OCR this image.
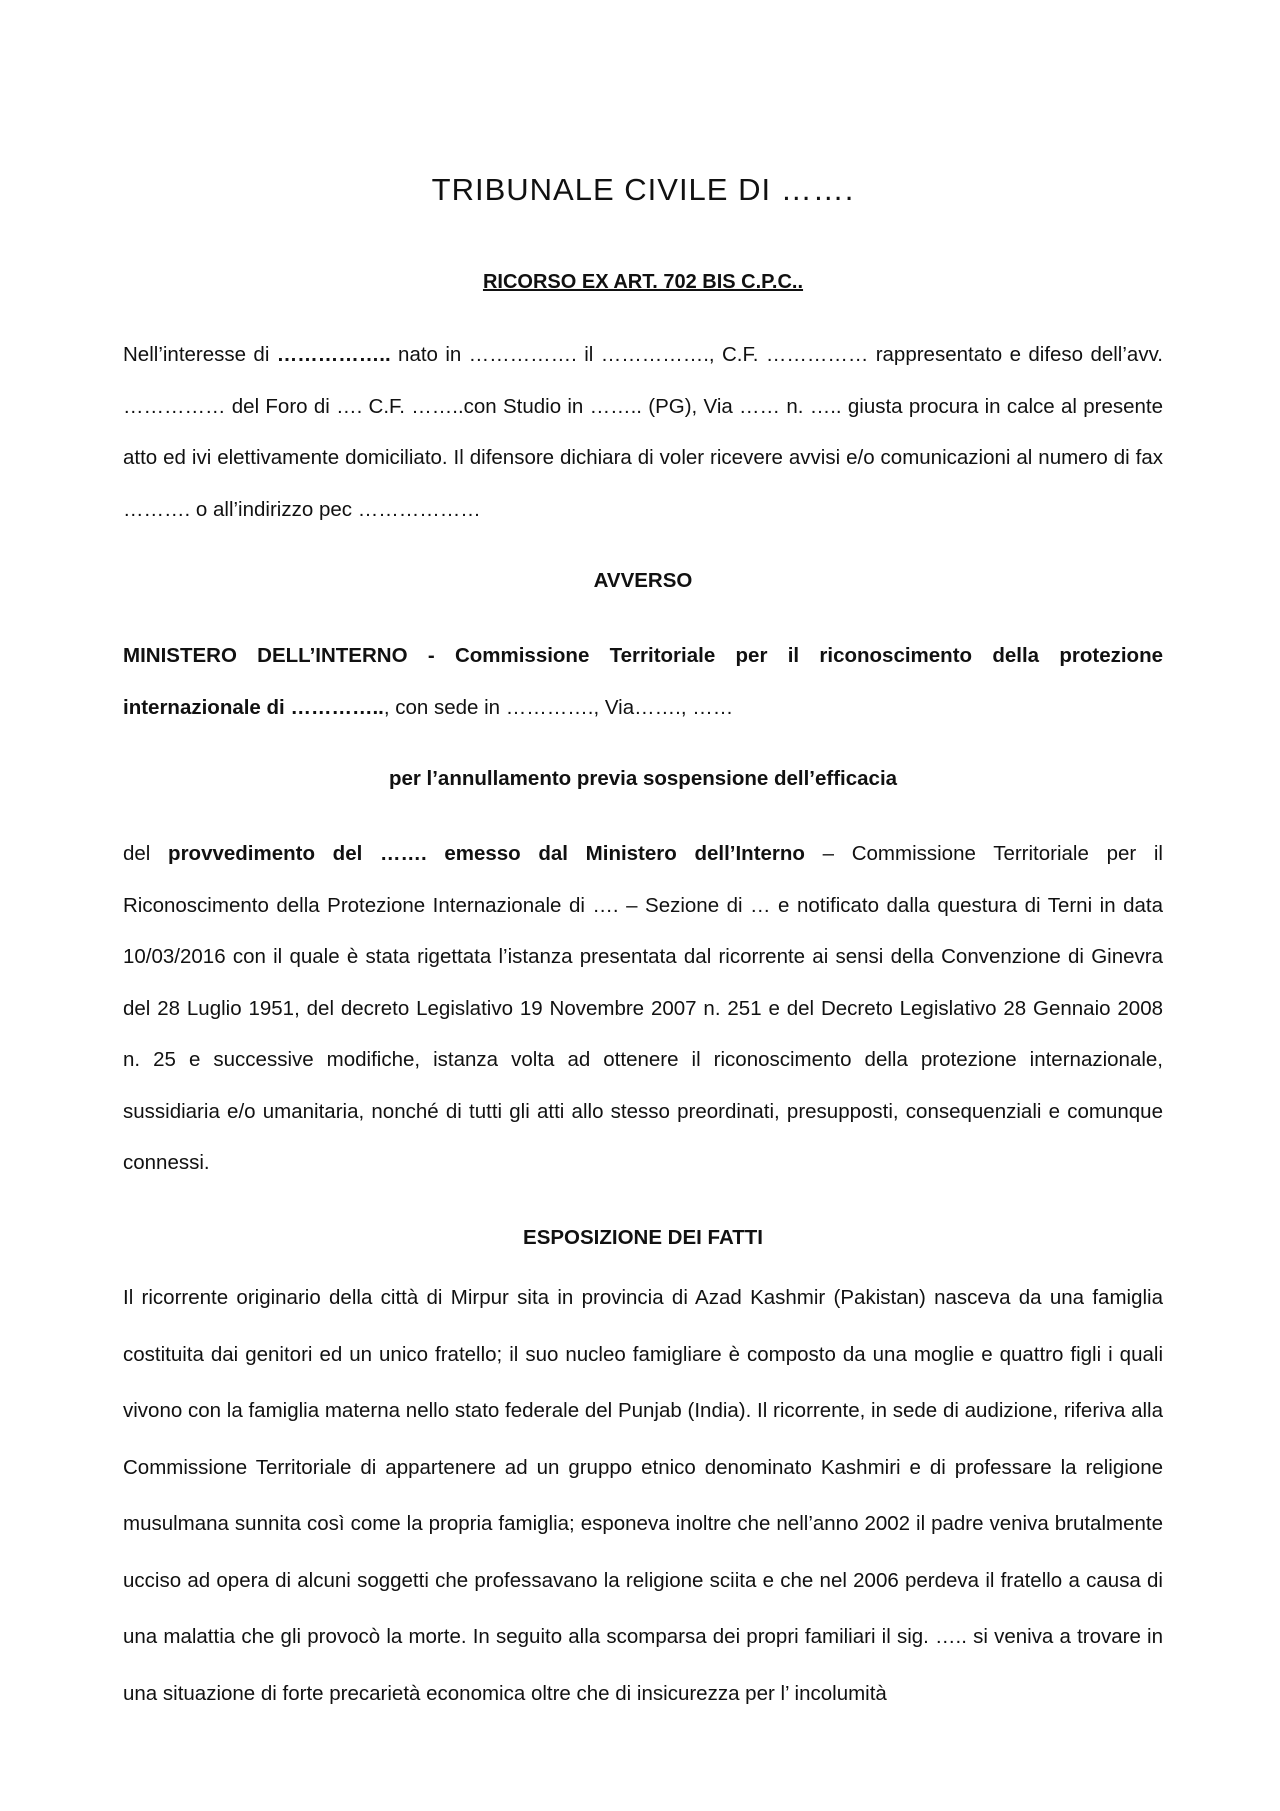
TRIBUNALE CIVILE DI …….
RICORSO EX ART. 702 BIS C.P.C..

Nell’interesse di …………….. nato in ……………. il ……………., C.F. …………… rappresentato e difeso dell’avv. …………… del Foro di …. C.F. ……..con Studio in …….. (PG), Via …… n. ….. giusta procura in calce al presente atto ed ivi elettivamente domiciliato. Il difensore dichiara di voler ricevere avvisi e/o comunicazioni al numero di fax ………. o all’indirizzo pec ………………

AVVERSO

MINISTERO DELL’INTERNO - Commissione Territoriale per il riconoscimento della protezione internazionale di ………….., con sede in …………., Via……., ……

per l’annullamento previa sospensione dell’efficacia

del provvedimento del ……. emesso dal Ministero dell’Interno – Commissione Territoriale per il Riconoscimento della Protezione Internazionale di …. – Sezione di … e notificato dalla questura di Terni in data 10/03/2016 con il quale è stata rigettata l’istanza presentata dal ricorrente ai sensi della Convenzione di Ginevra del 28 Luglio 1951, del decreto Legislativo 19 Novembre 2007 n. 251 e del Decreto Legislativo 28 Gennaio 2008 n. 25 e successive modifiche, istanza volta ad ottenere il riconoscimento della protezione internazionale, sussidiaria e/o umanitaria, nonché di tutti gli atti allo stesso preordinati, presupposti, consequenziali e comunque connessi.

ESPOSIZIONE DEI FATTI

Il ricorrente originario della città di Mirpur sita in provincia di Azad Kashmir (Pakistan) nasceva da una famiglia costituita dai genitori ed un unico fratello; il suo nucleo famigliare è composto da una moglie e quattro figli i quali vivono con la famiglia materna nello stato federale del Punjab (India). Il ricorrente, in sede di audizione, riferiva alla Commissione Territoriale di appartenere ad un gruppo etnico denominato Kashmiri e di professare la religione musulmana sunnita così come la propria famiglia; esponeva inoltre che nell’anno 2002 il padre veniva brutalmente ucciso ad opera di alcuni soggetti che professavano la religione sciita e che nel 2006 perdeva il fratello a causa di una malattia che gli provocò la morte. In seguito alla scomparsa dei propri familiari il sig. ….. si veniva a trovare in una situazione di forte precarietà economica oltre che di insicurezza per l’ incolumità
